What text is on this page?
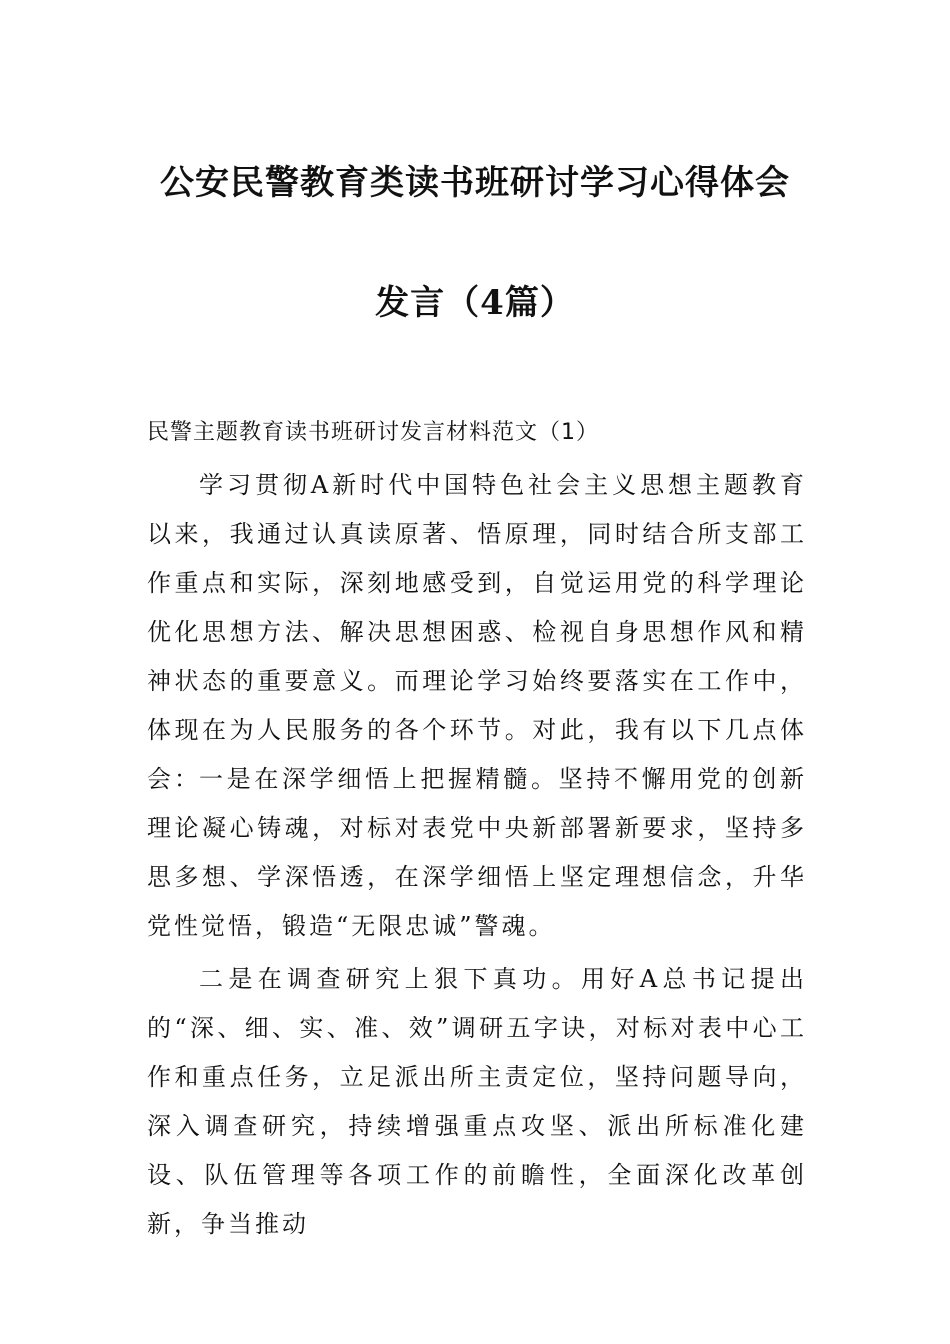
公安民警教育类读书班研讨学习心得体会
发言（4篇）
民警主题教育读书班研讨发言材料范文（1）

学习贯彻A新时代中国特色社会主义思想主题教育以来，我通过认真读原著、悟原理，同时结合所支部工作重点和实际，深刻地感受到，自觉运用党的科学理论优化思想方法、解决思想困惑、检视自身思想作风和精神状态的重要意义。而理论学习始终要落实在工作中，体现在为人民服务的各个环节。对此，我有以下几点体会：

一是在深学细悟上把握精髓。坚持不懈用党的创新理论凝心铸魂，对标对表党中央新部署新要求，坚持多思多想、学深悟透，在深学细悟上坚定理想信念，升华党性觉悟，锻造“无限忠诚”警魂。

二是在调查研究上狠下真功。用好A总书记提出的“深、细、实、准、效”调研五字诀，对标对表中心工作和重点任务，立足派出所主责定位，坚持问题导向，深入调查研究，持续增强重点攻坚、派出所标准化建设、队伍管理等各项工作的前瞻性，全面深化改革创新，争当推动
